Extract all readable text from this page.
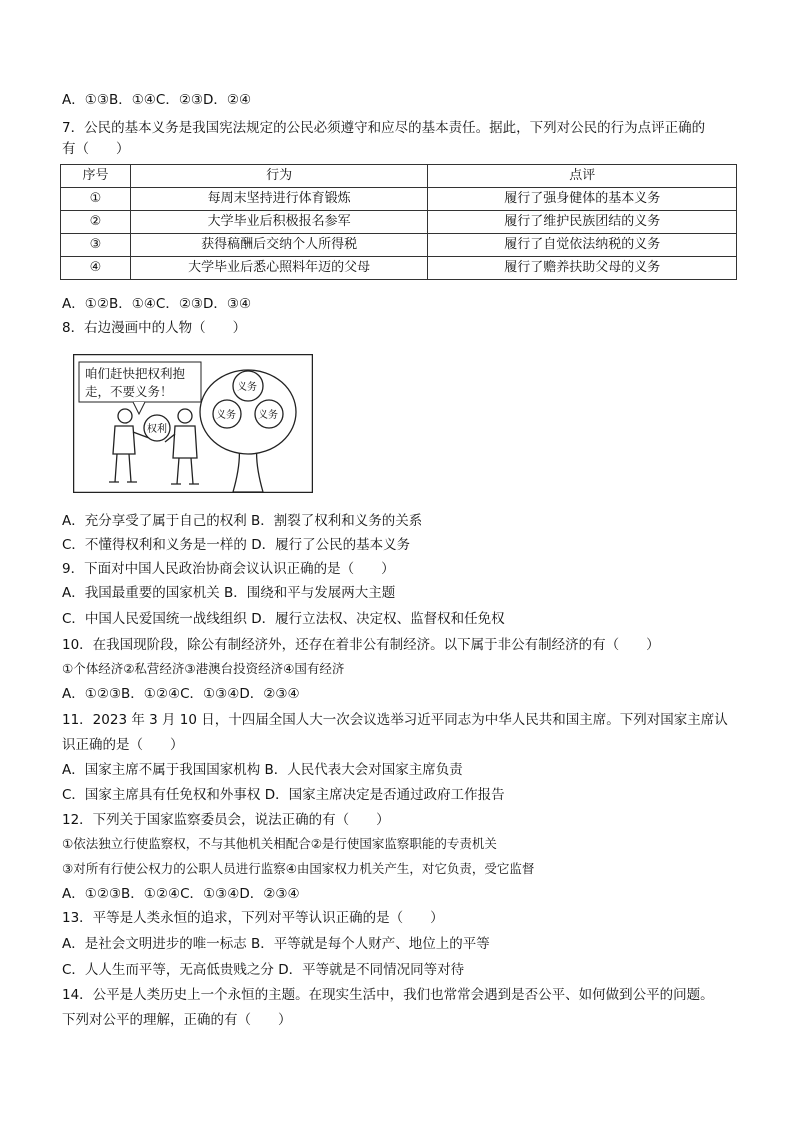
A．①③B．①④C．②③D．②④
7．公民的基本义务是我国宪法规定的公民必须遵守和应尽的基本责任。据此，下列对公民的行为点评正确的
有（　　）
序号	行为	点评
①	每周末坚持进行体育锻炼	履行了强身健体的基本义务
②	大学毕业后积极报名参军	履行了维护民族团结的义务
③	获得稿酬后交纳个人所得税	履行了自觉依法纳税的义务
④	大学毕业后悉心照料年迈的父母	履行了赡养扶助父母的义务
A．①②B．①④C．②③D．③④
8．右边漫画中的人物（　　）
咱们赶快把权利抱
走，不要义务！
权利
义务
义务 义务
A．充分享受了属于自己的权利 B．割裂了权利和义务的关系
C．不懂得权利和义务是一样的 D．履行了公民的基本义务
9．下面对中国人民政治协商会议认识正确的是（　　）
A．我国最重要的国家机关 B．围绕和平与发展两大主题
C．中国人民爱国统一战线组织 D．履行立法权、决定权、监督权和任免权
10．在我国现阶段，除公有制经济外，还存在着非公有制经济。以下属于非公有制经济的有（　　）
①个体经济②私营经济③港澳台投资经济④国有经济
A．①②③B．①②④C．①③④D．②③④
11．2023 年 3 月 10 日，十四届全国人大一次会议选举习近平同志为中华人民共和国主席。下列对国家主席认
识正确的是（　　）
A．国家主席不属于我国国家机构 B．人民代表大会对国家主席负责
C．国家主席具有任免权和外事权 D．国家主席决定是否通过政府工作报告
12．下列关于国家监察委员会，说法正确的有（　　）
①依法独立行使监察权，不与其他机关相配合②是行使国家监察职能的专责机关
③对所有行使公权力的公职人员进行监察④由国家权力机关产生，对它负责，受它监督
A．①②③B．①②④C．①③④D．②③④
13．平等是人类永恒的追求，下列对平等认识正确的是（　　）
A．是社会文明进步的唯一标志 B．平等就是每个人财产、地位上的平等
C．人人生而平等，无高低贵贱之分 D．平等就是不同情况同等对待
14．公平是人类历史上一个永恒的主题。在现实生活中，我们也常常会遇到是否公平、如何做到公平的问题。
下列对公平的理解，正确的有（　　）
